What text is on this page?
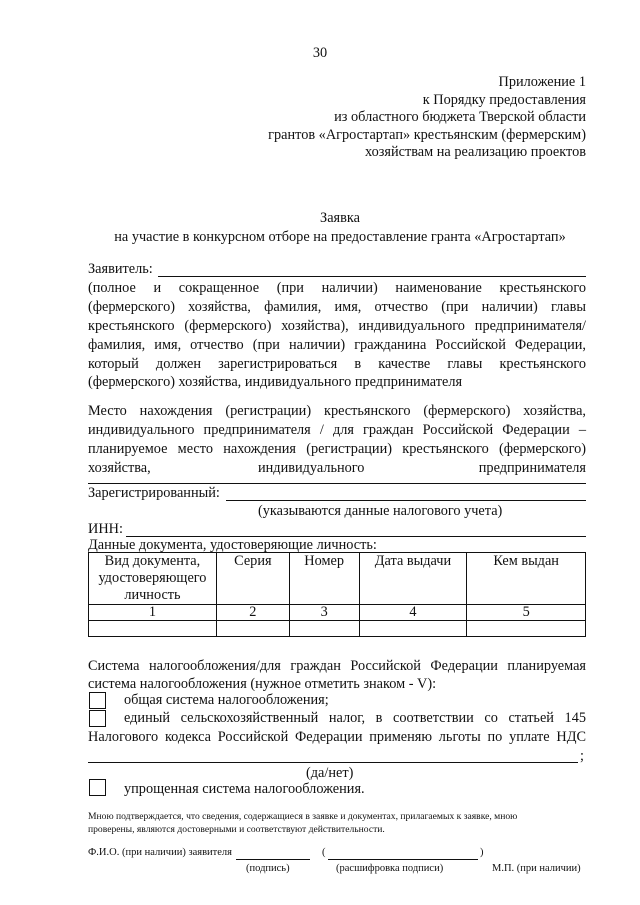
30
Приложение 1
к Порядку предоставления
из областного бюджета Тверской области
грантов «Агростартап» крестьянским (фермерским)
хозяйствам на реализацию проектов
Заявка
на участие в конкурсном отборе на предоставление гранта «Агростартап»
Заявитель:
(полное и сокращенное (при наличии) наименование крестьянского
(фермерского) хозяйства, фамилия, имя, отчество (при наличии) главы
крестьянского (фермерского) хозяйства), индивидуального предпринимателя/
фамилия, имя, отчество (при наличии) гражданина Российской Федерации,
который должен зарегистрироваться в качестве главы крестьянского
(фермерского) хозяйства, индивидуального предпринимателя
Место нахождения (регистрации) крестьянского (фермерского) хозяйства,
индивидуального предпринимателя / для граждан Российской Федерации –
планируемое место нахождения (регистрации) крестьянского (фермерского)
хозяйства,	индивидуального	предпринимателя
Зарегистрированный:
(указываются данные налогового учета)
ИНН:
Данные документа, удостоверяющие личность:
Вид документа,
удостоверяющего
личность	Серия	Номер	Дата выдачи	Кем выдан
1	2	3	4	5

Система налогообложения/для граждан Российской Федерации планируемая
система налогообложения (нужное отметить знаком - V):
общая система налогообложения;
единый сельскохозяйственный налог, в соответствии со статьей 145
Налогового кодекса Российской Федерации применяю льготы по уплате НДС
;
(да/нет)
упрощенная система налогообложения.
Мною подтверждается, что сведения, содержащиеся в заявке и документах, прилагаемых к заявке, мною
проверены, являются достоверными и соответствуют действительности.
Ф.И.О. (при наличии) заявителя	(	)
(подпись)	(расшифровка подписи)	М.П. (при наличии)
